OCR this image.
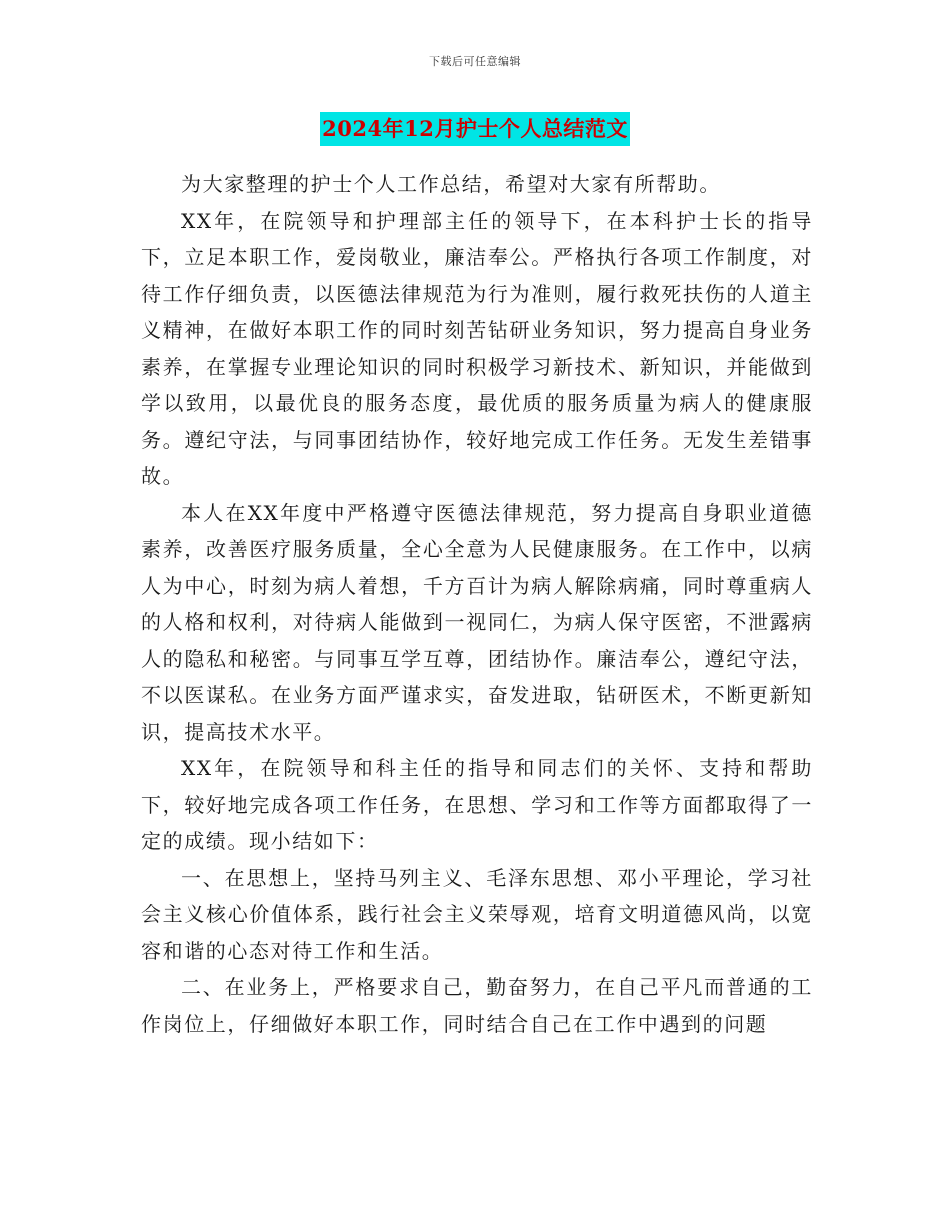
下载后可任意编辑
2024年12月护士个人总结范文

为大家整理的护士个人工作总结，希望对大家有所帮助。

XX年，在院领导和护理部主任的领导下，在本科护士长的指导下，立足本职工作，爱岗敬业，廉洁奉公。严格执行各项工作制度，对待工作仔细负责，以医德法律规范为行为准则，履行救死扶伤的人道主义精神，在做好本职工作的同时刻苦钻研业务知识，努力提高自身业务素养，在掌握专业理论知识的同时积极学习新技术、新知识，并能做到学以致用，以最优良的服务态度，最优质的服务质量为病人的健康服务。遵纪守法，与同事团结协作，较好地完成工作任务。无发生差错事故。

本人在XX年度中严格遵守医德法律规范，努力提高自身职业道德素养，改善医疗服务质量，全心全意为人民健康服务。在工作中，以病人为中心，时刻为病人着想，千方百计为病人解除病痛，同时尊重病人的人格和权利，对待病人能做到一视同仁，为病人保守医密，不泄露病人的隐私和秘密。与同事互学互尊，团结协作。廉洁奉公，遵纪守法，不以医谋私。在业务方面严谨求实，奋发进取，钻研医术，不断更新知识，提高技术水平。

XX年，在院领导和科主任的指导和同志们的关怀、支持和帮助下，较好地完成各项工作任务，在思想、学习和工作等方面都取得了一定的成绩。现小结如下：

一、在思想上，坚持马列主义、毛泽东思想、邓小平理论，学习社会主义核心价值体系，践行社会主义荣辱观，培育文明道德风尚，以宽容和谐的心态对待工作和生活。

二、在业务上，严格要求自己，勤奋努力，在自己平凡而普通的工作岗位上，仔细做好本职工作，同时结合自己在工作中遇到的问题
